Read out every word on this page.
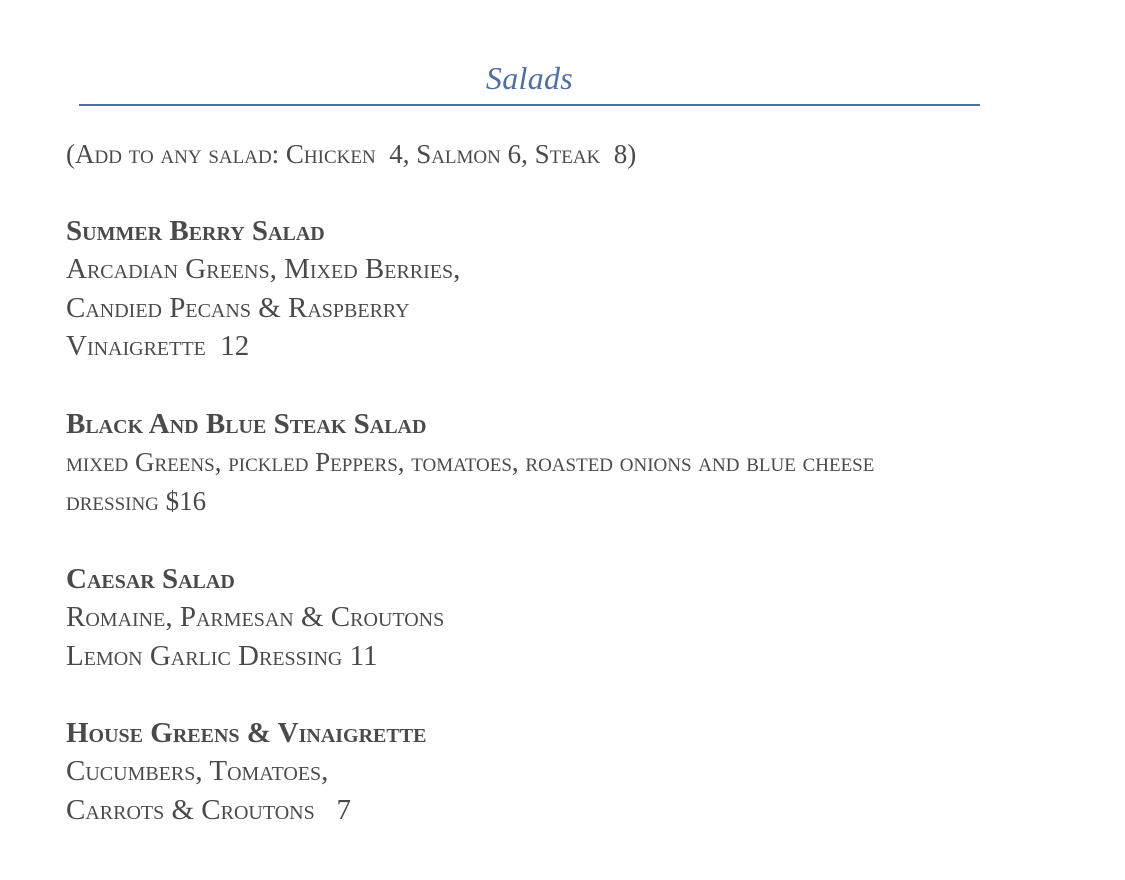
Salads
(Add to any salad: Chicken  4, Salmon 6, Steak  8)
Summer Berry Salad
Arcadian Greens, Mixed Berries,
Candied Pecans & Raspberry
Vinaigrette  12
Black And Blue Steak Salad
mixed Greens, pickled Peppers, tomatoes, roasted onions and blue cheese
dressing $16
Caesar Salad
Romaine, Parmesan & Croutons
Lemon Garlic Dressing 11
House Greens & Vinaigrette
Cucumbers, Tomatoes,
Carrots & Croutons   7
